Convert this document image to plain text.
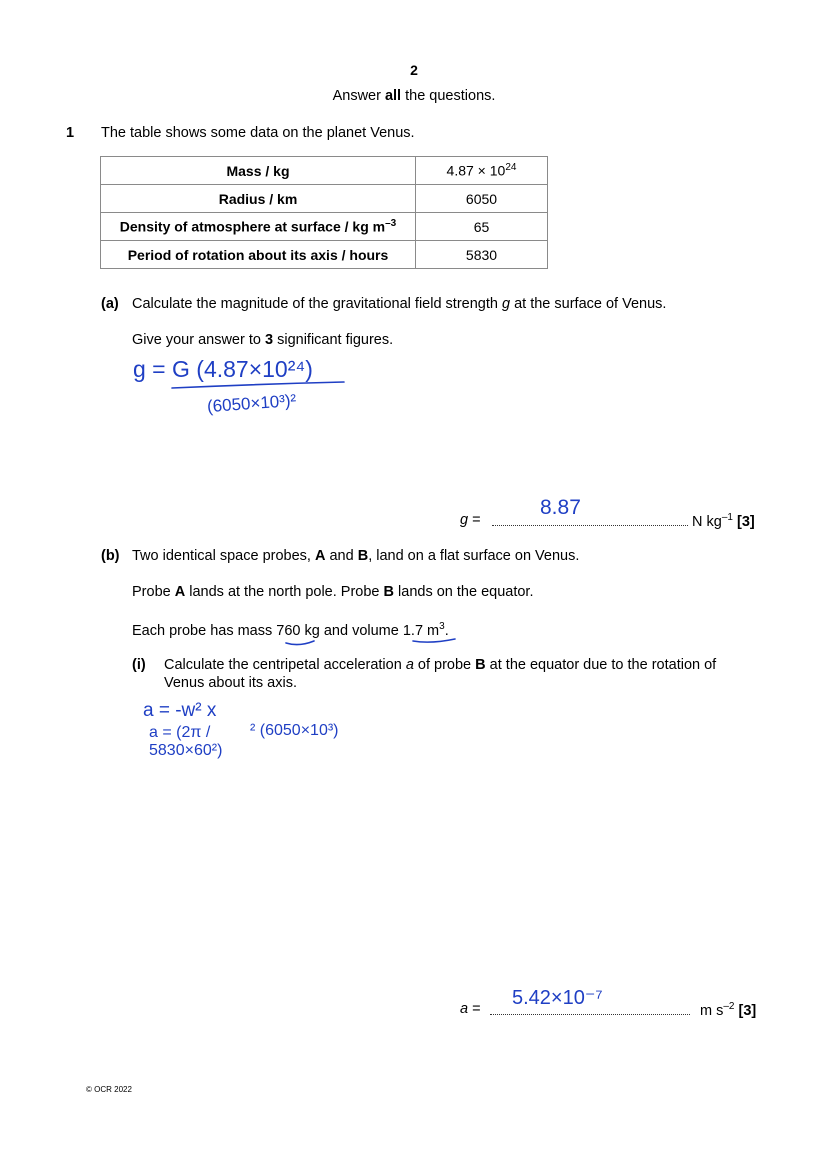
2
Answer all the questions.
1 The table shows some data on the planet Venus.
Mass / kg	$4.87 \times 10^{24}$
Radius / km	6050
Density of atmosphere at surface / kg $m^{-3}$	65
Period of rotation about its axis / hours	5830
(a) Calculate the magnitude of the gravitational field strength g at the surface of Venus.
Give your answer to 3 significant figures.
g = G (4.87×10²⁴)
(6050×10³)²
g =
8.87
N $kg^{-1}$ [3]
(b) Two identical space probes, A and B, land on a flat surface on Venus.
Probe A lands at the north pole. Probe B lands on the equator.
Each probe has mass 760 kg and volume 1.7 $m^3$.
(i) Calculate the centripetal acceleration a of probe B at the equator due to the rotation of
Venus about its axis.
a = -w² x
a = (2π / 5830×60²)
² (6050×10³)
a = 5.42×10⁻⁷
m $s^{-2}$ [3]
© OCR 2022
